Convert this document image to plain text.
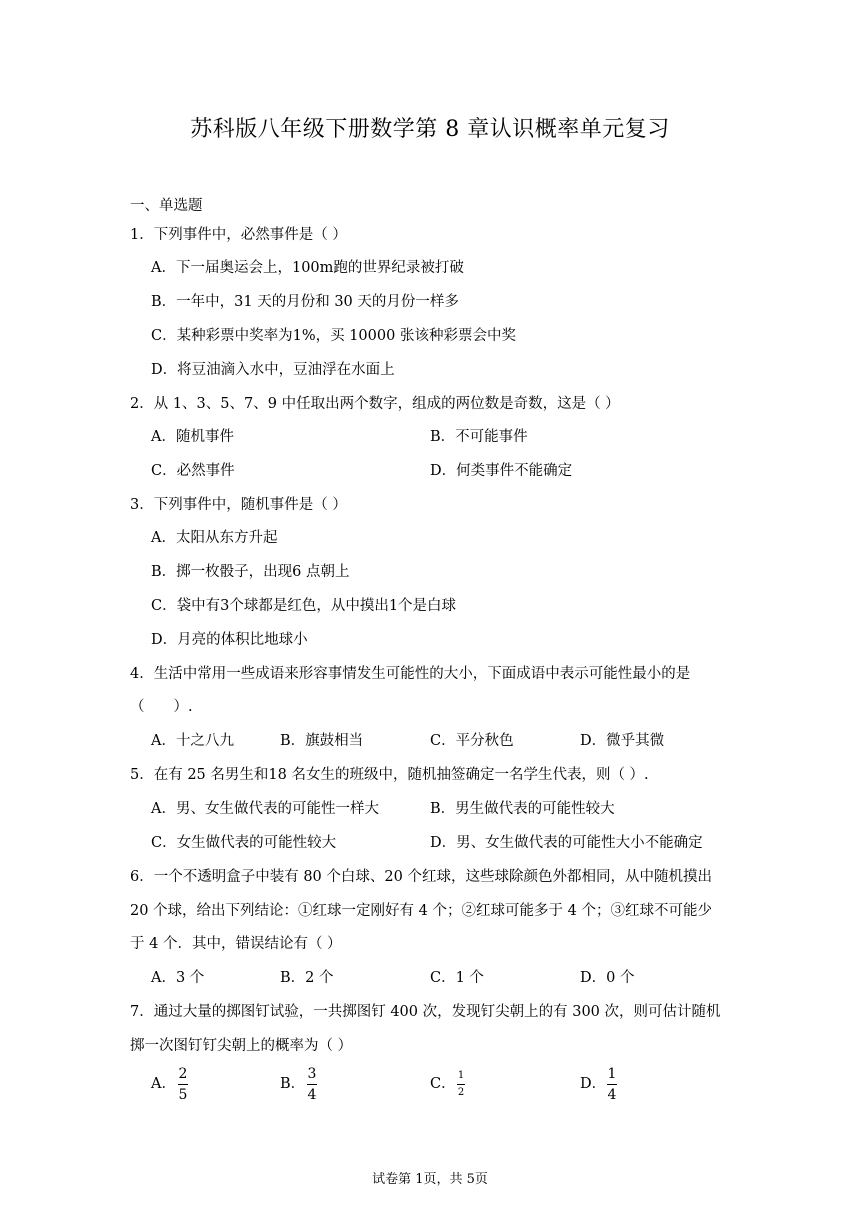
苏科版八年级下册数学第 8 章认识概率单元复习
一、单选题
1．下列事件中，必然事件是（ ）
A．下一届奥运会上，100m跑的世界纪录被打破
B．一年中，31 天的月份和 30 天的月份一样多
C．某种彩票中奖率为1%，买 10000 张该种彩票会中奖
D．将豆油滴入水中，豆油浮在水面上
2．从 1、3、5、7、9 中任取出两个数字，组成的两位数是奇数，这是（ ）
A．随机事件	B．不可能事件
C．必然事件	D．何类事件不能确定
3．下列事件中，随机事件是（ ）
A．太阳从东方升起
B．掷一枚骰子，出现6 点朝上
C．袋中有3个球都是红色，从中摸出1个是白球
D．月亮的体积比地球小
4．生活中常用一些成语来形容事情发生可能性的大小，下面成语中表示可能性最小的是
（　　）.
A．十之八九	B．旗鼓相当	C．平分秋色	D．微乎其微
5．在有 25 名男生和18 名女生的班级中，随机抽签确定一名学生代表，则（ ）.
A．男、女生做代表的可能性一样大	B．男生做代表的可能性较大
C．女生做代表的可能性较大	D．男、女生做代表的可能性大小不能确定
6．一个不透明盒子中装有 80 个白球、20 个红球，这些球除颜色外都相同，从中随机摸出
20 个球，给出下列结论：①红球一定刚好有 4 个；②红球可能多于 4 个；③红球不可能少
于 4 个．其中，错误结论有（ ）
A．3 个	B．2 个	C．1 个	D．0 个
7．通过大量的掷图钉试验，一共掷图钉 400 次，发现钉尖朝上的有 300 次，则可估计随机
掷一次图钉钉尖朝上的概率为（ ）
A．
2
5
B．
3
4
C．
1
2
D．
1
4
试卷第 1页，共 5页
